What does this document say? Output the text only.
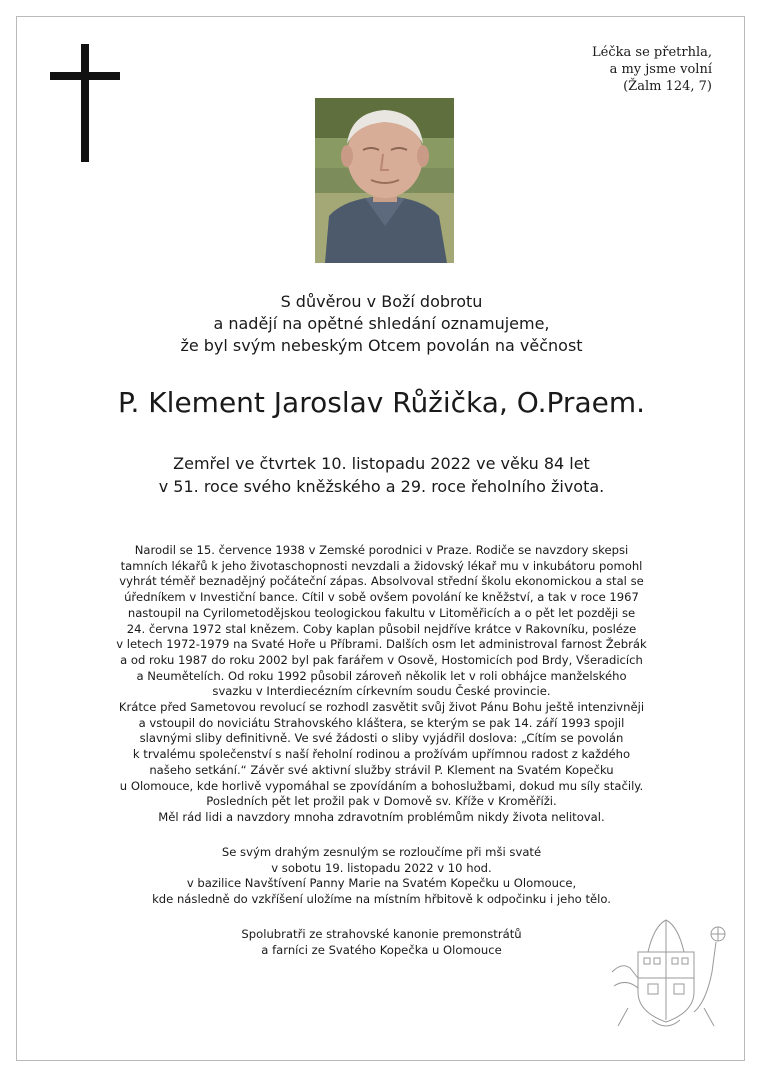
Léčka se přetrhla,
a my jsme volní
(Žalm 124, 7)
S důvěrou v Boží dobrotu
a nadějí na opětné shledání oznamujeme,
že byl svým nebeským Otcem povolán na věčnost
P. Klement Jaroslav Růžička, O.Praem.
Zemřel ve čtvrtek 10. listopadu 2022 ve věku 84 let
v 51. roce svého kněžského a 29. roce řeholního života.
Narodil se 15. července 1938 v Zemské porodnici v Praze. Rodiče se navzdory skepsi
tamních lékařů k jeho životaschopnosti nevzdali a židovský lékař mu v inkubátoru pomohl
vyhrát téměř beznadějný počáteční zápas. Absolvoval střední školu ekonomickou a stal se
úředníkem v Investiční bance. Cítil v sobě ovšem povolání ke kněžství, a tak v roce 1967
nastoupil na Cyrilometodějskou teologickou fakultu v Litoměřicích a o pět let později se
24. června 1972 stal knězem. Coby kaplan působil nejdříve krátce v Rakovníku, posléze
v letech 1972-1979 na Svaté Hoře u Příbrami. Dalších osm let administroval farnost Žebrák
a od roku 1987 do roku 2002 byl pak farářem v Osově, Hostomicích pod Brdy, Všeradicích
a Neumětelích. Od roku 1992 působil zároveň několik let v roli obhájce manželského
svazku v Interdiecézním církevním soudu České provincie.
Krátce před Sametovou revolucí se rozhodl zasvětit svůj život Pánu Bohu ještě intenzivněji
a vstoupil do noviciátu Strahovského kláštera, se kterým se pak 14. září 1993 spojil
slavnými sliby definitivně. Ve své žádosti o sliby vyjádřil doslova: „Cítím se povolán
k trvalému společenství s naší řeholní rodinou a prožívám upřímnou radost z každého
našeho setkání.“ Závěr své aktivní služby strávil P. Klement na Svatém Kopečku
u Olomouce, kde horlivě vypomáhal se zpovídáním a bohoslužbami, dokud mu síly stačily.
Posledních pět let prožil pak v Domově sv. Kříže v Kroměříži.
Měl rád lidi a navzdory mnoha zdravotním problémům nikdy života nelitoval.
Se svým drahým zesnulým se rozloučíme při mši svaté
v sobotu 19. listopadu 2022 v 10 hod.
v bazilice Navštívení Panny Marie na Svatém Kopečku u Olomouce,
kde následně do vzkříšení uložíme na místním hřbitově k odpočinku i jeho tělo.
Spolubratři ze strahovské kanonie premonstrátů
a farníci ze Svatého Kopečka u Olomouce
